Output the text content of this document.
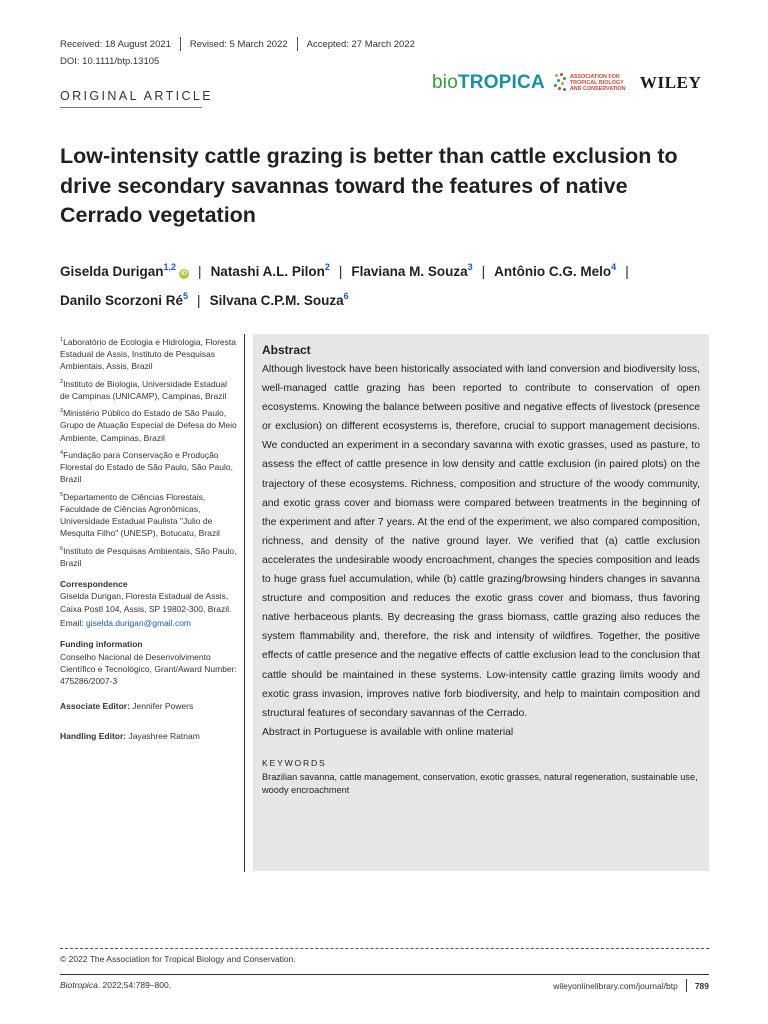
Received: 18 August 2021 Revised: 5 March 2022 Accepted: 27 March 2022
DOI: 10.1111/btp.13105
ORIGINAL ARTICLE
bioTROPICA	ASSOCIATION FOR TROPICAL BIOLOGY AND CONSERVATION WILEY
Low-intensity cattle grazing is better than cattle exclusion to drive secondary savannas toward the features of native Cerrado vegetation
Giselda Durigan$^{1,2}$iD | Natashi A.L. Pilon$^2$ | Flaviana M. Souza$^3$ | Antônio C.G. Melo$^4$ |
Danilo Scorzoni $Ré^5$ | Silvana C.P.M. Souza$^6$
$^1$Laboratório de Ecologia e Hidrologia, Floresta Estadual de Assis, Instituto de Pesquisas Ambientais, Assis, Brazil
$^2$Instituto de Biologia, Universidade Estadual de Campinas (UNICAMP), Campinas, Brazil
$^3$Ministério Público do Estado de São Paulo, Grupo de Atuação Especial de Defesa do Meio Ambiente, Campinas, Brazil
$^4$Fundação para Conservação e Produção Florestal do Estado de São Paulo, São Paulo, Brazil
$^5$Departamento de Ciências Florestais, Faculdade de Ciências Agronômicas, Universidade Estadual Paulista "Julio de Mesquita Filho" (UNESP), Botucatu, Brazil
$^6$Instituto de Pesquisas Ambientais, São Paulo, Brazil
Correspondence
Giselda Durigan, Floresta Estadual de Assis, Caixa Postl 104, Assis, SP 19802-300, Brazil.
Email: giselda.durigan@gmail.com
Funding information
Conselho Nacional de Desenvolvimento Científico e Tecnológico, Grant/Award Number: 475286/2007-3
Associate Editor: Jennifer Powers
Handling Editor: Jayashree Ratnam
Abstract

Although livestock have been historically associated with land conversion and biodiversity loss, well-managed cattle grazing has been reported to contribute to conservation of open ecosystems. Knowing the balance between positive and negative effects of livestock (presence or exclusion) on different ecosystems is, therefore, crucial to support management decisions. We conducted an experiment in a secondary savanna with exotic grasses, used as pasture, to assess the effect of cattle presence in low density and cattle exclusion (in paired plots) on the trajectory of these ecosystems. Richness, composition and structure of the woody community, and exotic grass cover and biomass were compared between treatments in the beginning of the experiment and after 7 years. At the end of the experiment, we also compared composition, richness, and density of the native ground layer. We verified that (a) cattle exclusion accelerates the undesirable woody encroachment, changes the species composition and leads to huge grass fuel accumulation, while (b) cattle grazing/browsing hinders changes in savanna structure and composition and reduces the exotic grass cover and biomass, thus favoring native herbaceous plants. By decreasing the grass biomass, cattle grazing also reduces the system flammability and, therefore, the risk and intensity of wildfires. Together, the positive effects of cattle presence and the negative effects of cattle exclusion lead to the conclusion that cattle should be maintained in these systems. Low-intensity cattle grazing limits woody and exotic grass invasion, improves native forb biodiversity, and help to maintain composition and structural features of secondary savannas of the Cerrado.

Abstract in Portuguese is available with online material

KEYWORDS
Brazilian savanna, cattle management, conservation, exotic grasses, natural regeneration, sustainable use, woody encroachment
© 2022 The Association for Tropical Biology and Conservation.
Biotropica. 2022;54:789–800.	wileyonlinelibrary.com/journal/btp 789
